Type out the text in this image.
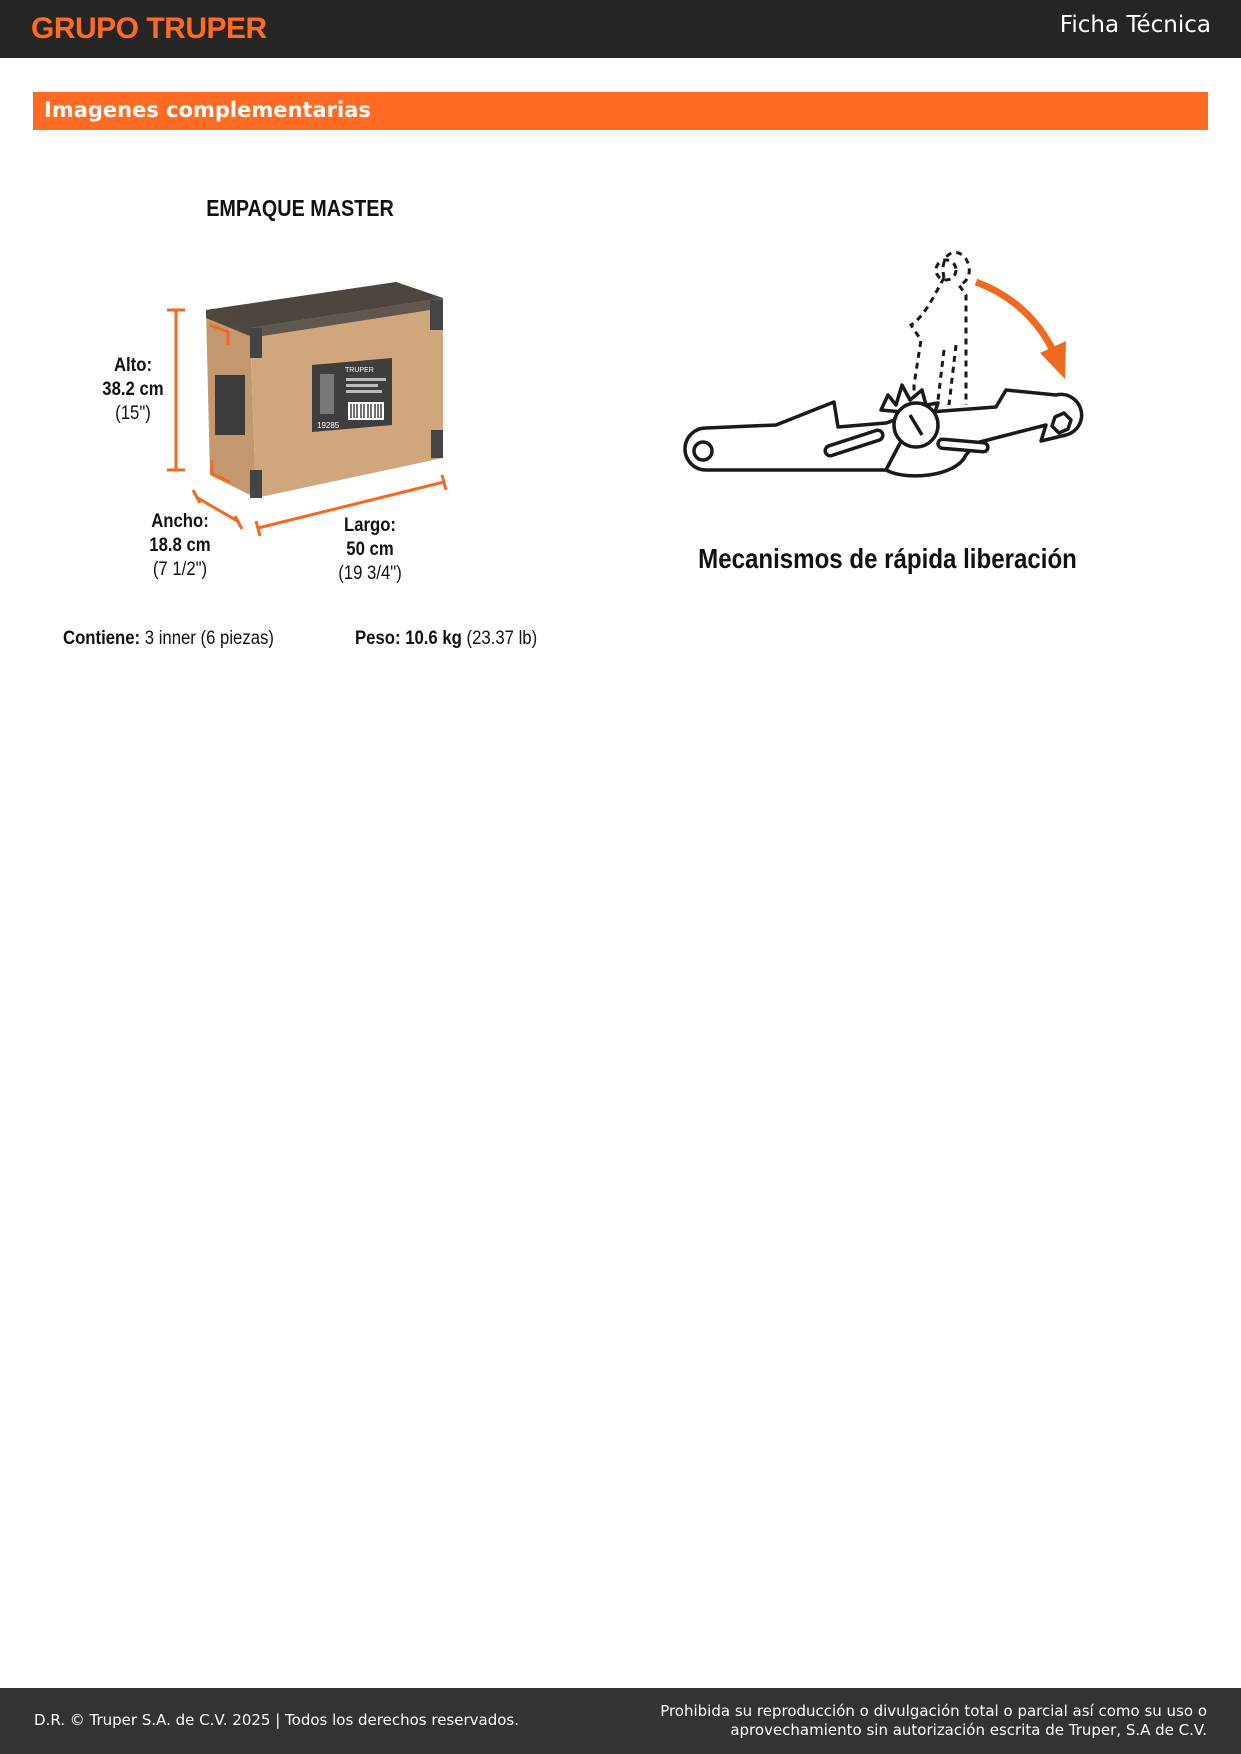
GRUPO TRUPER	Ficha Técnica
Imagenes complementarias
EMPAQUE MASTER
TRUPER
19285
Alto:
38.2 cm
(15")
Ancho:
18.8 cm
(7 1/2")
Largo:
50 cm
(19 3/4")
Contiene: 3 inner (6 piezas)	Peso: 10.6 kg (23.37 lb)
Mecanismos de rápida liberación
D.R. © Truper S.A. de C.V. 2025 | Todos los derechos reservados.	Prohibida su reproducción o divulgación total o parcial así como su uso o
aprovechamiento sin autorización escrita de Truper, S.A de C.V.
